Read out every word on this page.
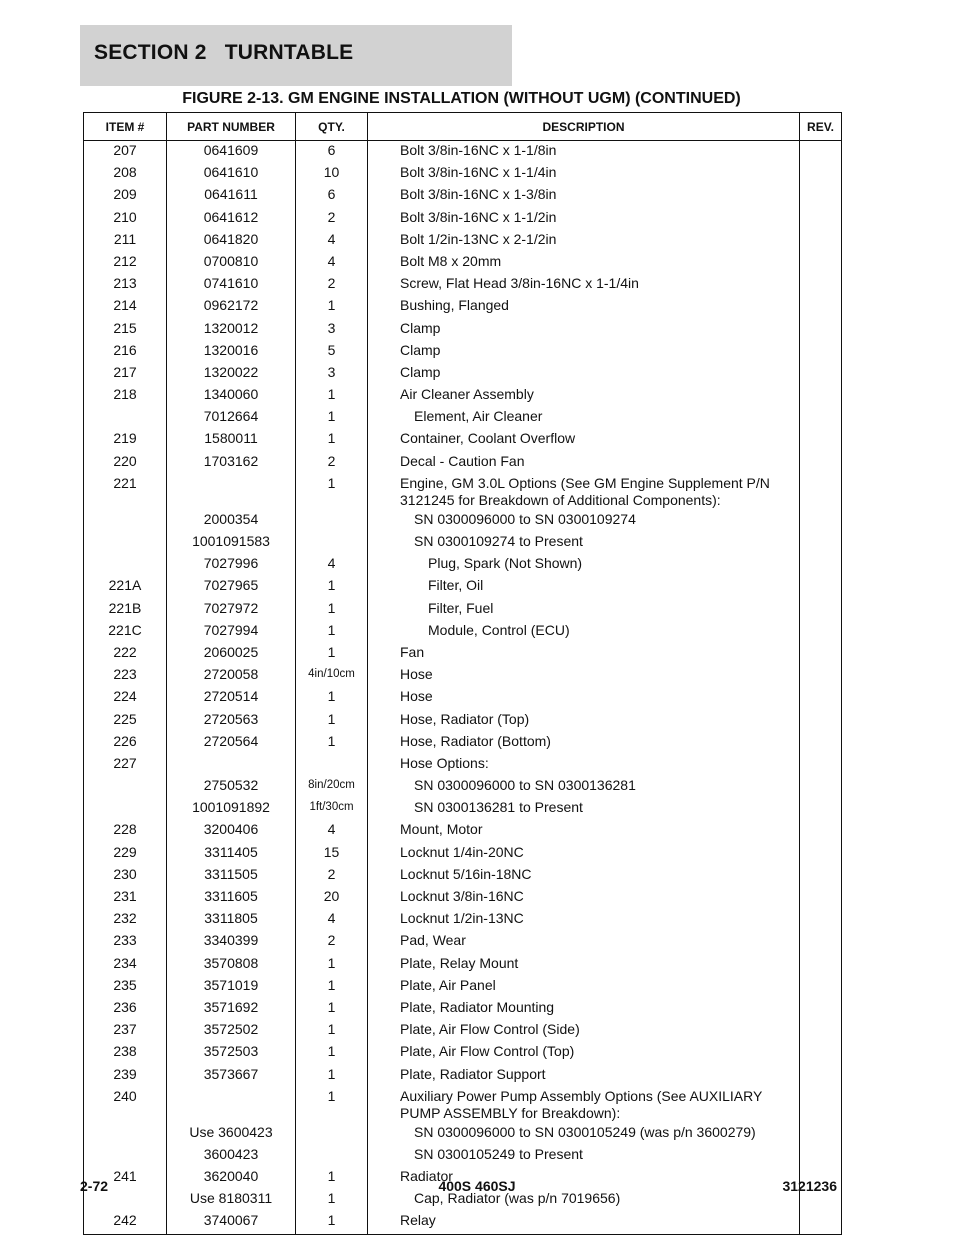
SECTION 2   TURNTABLE
FIGURE 2-13. GM ENGINE INSTALLATION (WITHOUT UGM) (CONTINUED)
ITEM #	PART NUMBER	QTY.	DESCRIPTION	REV.
207	0641609	6	Bolt 3/8in-16NC x 1-1/8in	
208	0641610	10	Bolt 3/8in-16NC x 1-1/4in	
209	0641611	6	Bolt 3/8in-16NC x 1-3/8in	
210	0641612	2	Bolt 3/8in-16NC x 1-1/2in	
211	0641820	4	Bolt 1/2in-13NC x 2-1/2in	
212	0700810	4	Bolt M8 x 20mm	
213	0741610	2	Screw, Flat Head 3/8in-16NC x 1-1/4in	
214	0962172	1	Bushing, Flanged	
215	1320012	3	Clamp	
216	1320016	5	Clamp	
217	1320022	3	Clamp	
218	1340060	1	Air Cleaner Assembly	
	7012664	1	Element, Air Cleaner	
219	1580011	1	Container, Coolant Overflow	
220	1703162	2	Decal - Caution Fan	
221		1	Engine, GM 3.0L Options (See GM Engine Supplement P/N 3121245 for Breakdown of Additional Components):	
	2000354		SN 0300096000 to SN 0300109274	
	1001091583		SN 0300109274 to Present	
	7027996	4	Plug, Spark (Not Shown)	
221A	7027965	1	Filter, Oil	
221B	7027972	1	Filter, Fuel	
221C	7027994	1	Module, Control (ECU)	
222	2060025	1	Fan	
223	2720058	4in/10cm	Hose	
224	2720514	1	Hose	
225	2720563	1	Hose, Radiator (Top)	
226	2720564	1	Hose, Radiator (Bottom)	
227			Hose Options:	
	2750532	8in/20cm	SN 0300096000 to SN 0300136281	
	1001091892	1ft/30cm	SN 0300136281 to Present	
228	3200406	4	Mount, Motor	
229	3311405	15	Locknut 1/4in-20NC	
230	3311505	2	Locknut 5/16in-18NC	
231	3311605	20	Locknut 3/8in-16NC	
232	3311805	4	Locknut 1/2in-13NC	
233	3340399	2	Pad, Wear	
234	3570808	1	Plate, Relay Mount	
235	3571019	1	Plate, Air Panel	
236	3571692	1	Plate, Radiator Mounting	
237	3572502	1	Plate, Air Flow Control (Side)	
238	3572503	1	Plate, Air Flow Control (Top)	
239	3573667	1	Plate, Radiator Support	
240		1	Auxiliary Power Pump Assembly Options (See AUXILIARY PUMP ASSEMBLY for Breakdown):	
	Use 3600423		SN 0300096000 to SN 0300105249 (was p/n 3600279)	
	3600423		SN 0300105249 to Present	
241	3620040	1	Radiator	
	Use 8180311	1	Cap, Radiator (was p/n 7019656)	
242	3740067	1	Relay	
2-72	400S 460SJ	3121236
